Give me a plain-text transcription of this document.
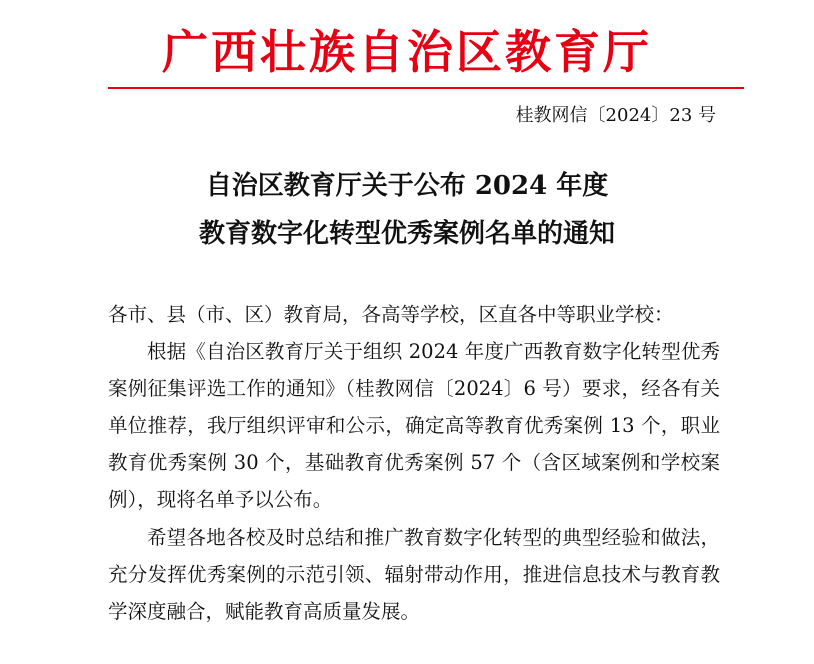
广西壮族自治区教育厅
桂教网信〔2024〕23 号
自治区教育厅关于公布 2024 年度
教育数字化转型优秀案例名单的通知
各市、县（市、区）教育局，各高等学校，区直各中等职业学校：
根据《自治区教育厅关于组织 2024 年度广西教育数字化转型优秀案例征集评选工作的通知》（桂教网信〔2024〕6 号）要求，经各有关单位推荐，我厅组织评审和公示，确定高等教育优秀案例 13 个，职业教育优秀案例 30 个，基础教育优秀案例 57 个（含区域案例和学校案例），现将名单予以公布。
希望各地各校及时总结和推广教育数字化转型的典型经验和做法，充分发挥优秀案例的示范引领、辐射带动作用，推进信息技术与教育教学深度融合，赋能教育高质量发展。
